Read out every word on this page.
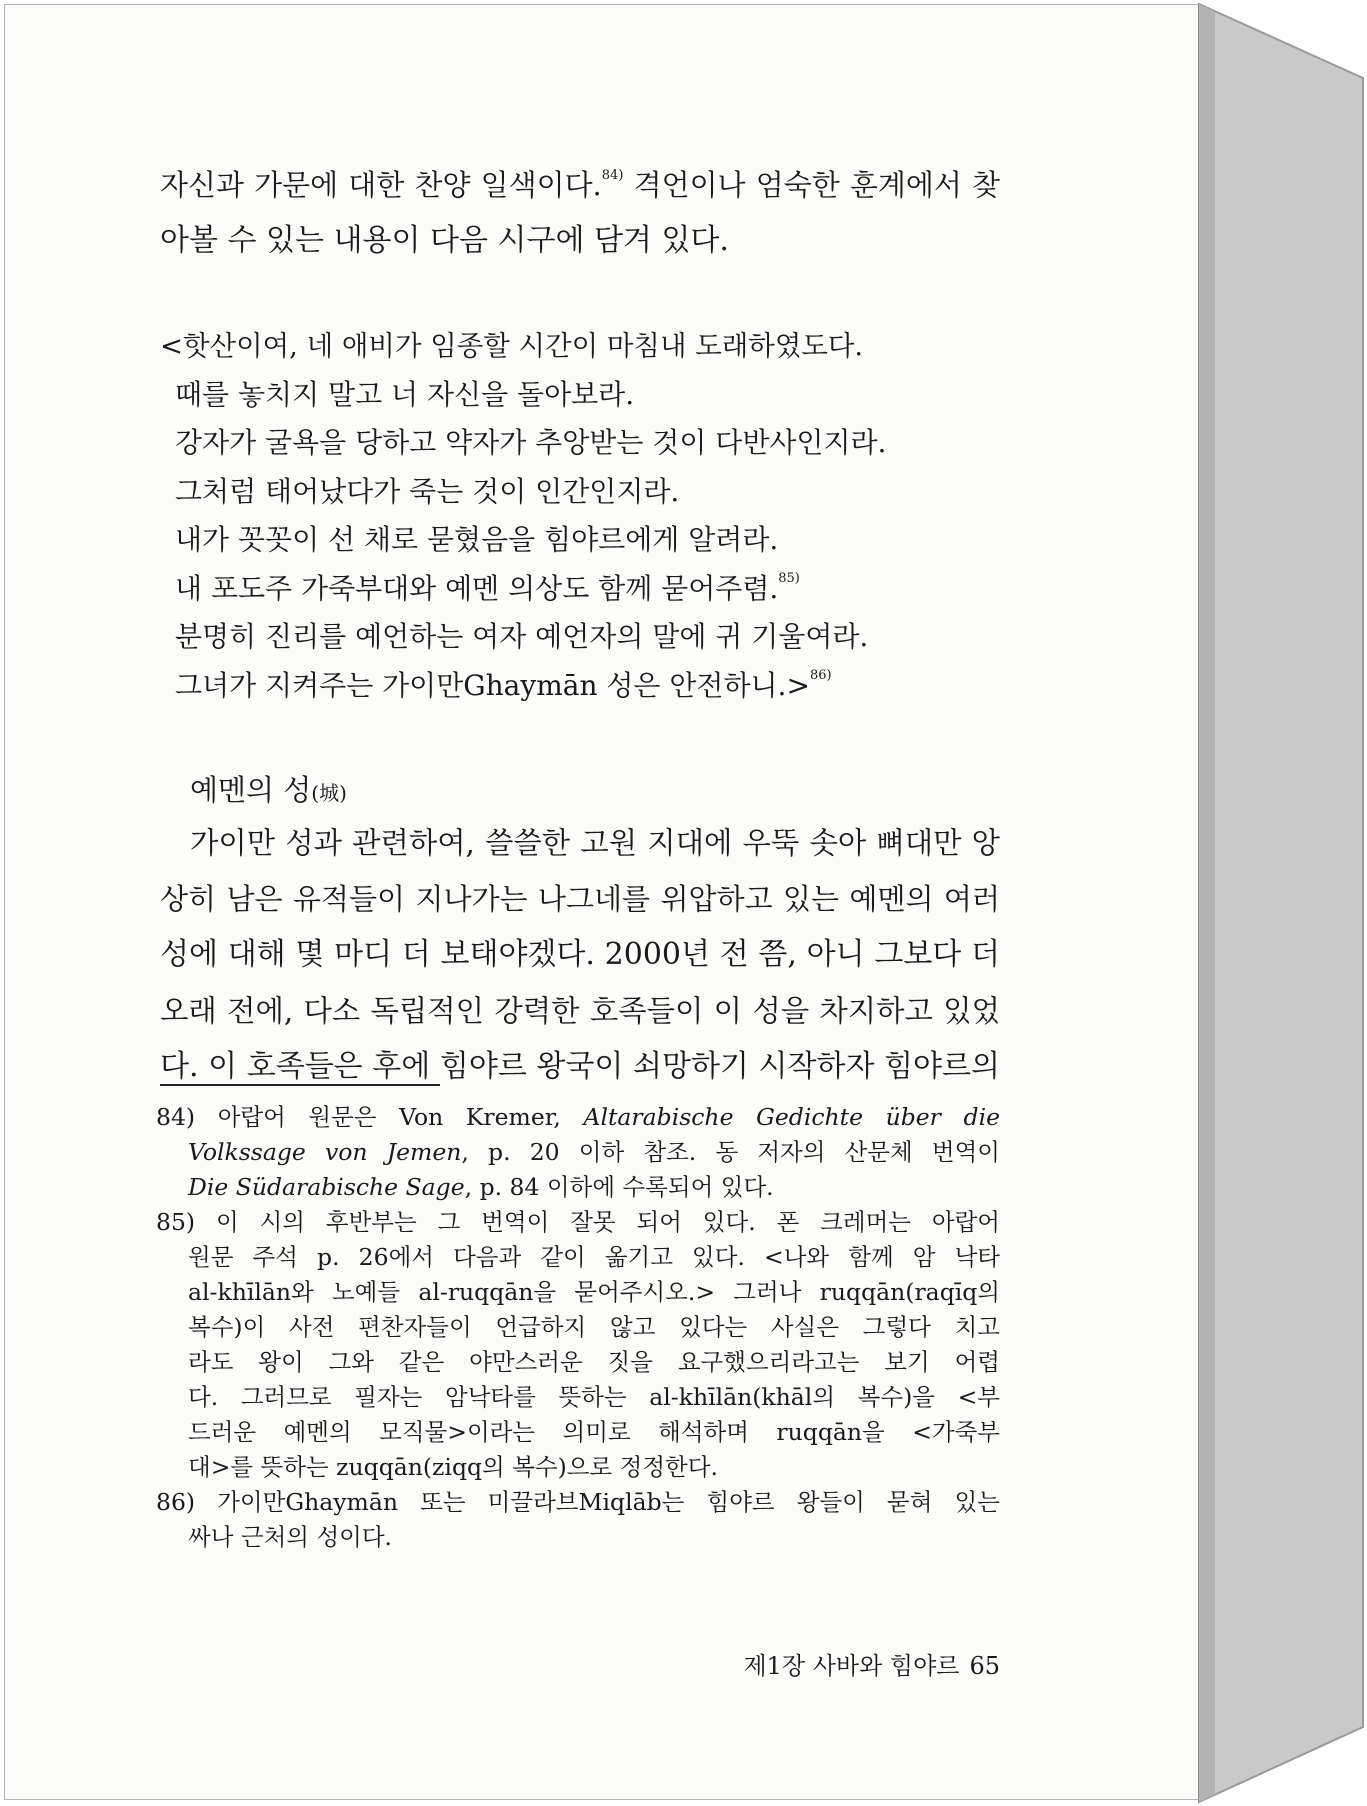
자신과 가문에 대한 찬양 일색이다.$^{84)}$ 격언이나 엄숙한 훈계에서 찾
아볼 수 있는 내용이 다음 시구에 담겨 있다.
<핫산이여, 네 애비가 임종할 시간이 마침내 도래하였도다.
때를 놓치지 말고 너 자신을 돌아보라.
강자가 굴욕을 당하고 약자가 추앙받는 것이 다반사인지라.
그처럼 태어났다가 죽는 것이 인간인지라.
내가 꼿꼿이 선 채로 묻혔음을 힘야르에게 알려라.
내 포도주 가죽부대와 예멘 의상도 함께 묻어주렴.$^{85)}$
분명히 진리를 예언하는 여자 예언자의 말에 귀 기울여라.
그녀가 지켜주는 가이만Ghaymān 성은 안전하니.>$^{86)}$
예멘의 성(城)
가이만 성과 관련하여, 쓸쓸한 고원 지대에 우뚝 솟아 뼈대만 앙
상히 남은 유적들이 지나가는 나그네를 위압하고 있는 예멘의 여러
성에 대해 몇 마디 더 보태야겠다. 2000년 전 쯤, 아니 그보다 더
오래 전에, 다소 독립적인 강력한 호족들이 이 성을 차지하고 있었
다. 이 호족들은 후에 힘야르 왕국이 쇠망하기 시작하자 힘야르의
84) 아랍어 원문은 Von Kremer, Altarabische Gedichte über die
Volkssage von Jemen, p. 20 이하 참조. 동 저자의 산문체 번역이
Die Südarabische Sage, p. 84 이하에 수록되어 있다.
85) 이 시의 후반부는 그 번역이 잘못 되어 있다. 폰 크레머는 아랍어
원문 주석 p. 26에서 다음과 같이 옮기고 있다. <나와 함께 암 낙타
al-khīlān와 노예들 al-ruqqān을 묻어주시오.> 그러나 ruqqān(raqīq의
복수)이 사전 편찬자들이 언급하지 않고 있다는 사실은 그렇다 치고
라도 왕이 그와 같은 야만스러운 짓을 요구했으리라고는 보기 어렵
다. 그러므로 필자는 암낙타를 뜻하는 al-khīlān(khāl의 복수)을 <부
드러운 예멘의 모직물>이라는 의미로 해석하며 ruqqān을 <가죽부
대>를 뜻하는 zuqqān(ziqq의 복수)으로 정정한다.
86) 가이만Ghaymān 또는 미끌라브Miqlāb는 힘야르 왕들이 묻혀 있는
싸나 근처의 성이다.
제1장 사바와 힘야르 65
